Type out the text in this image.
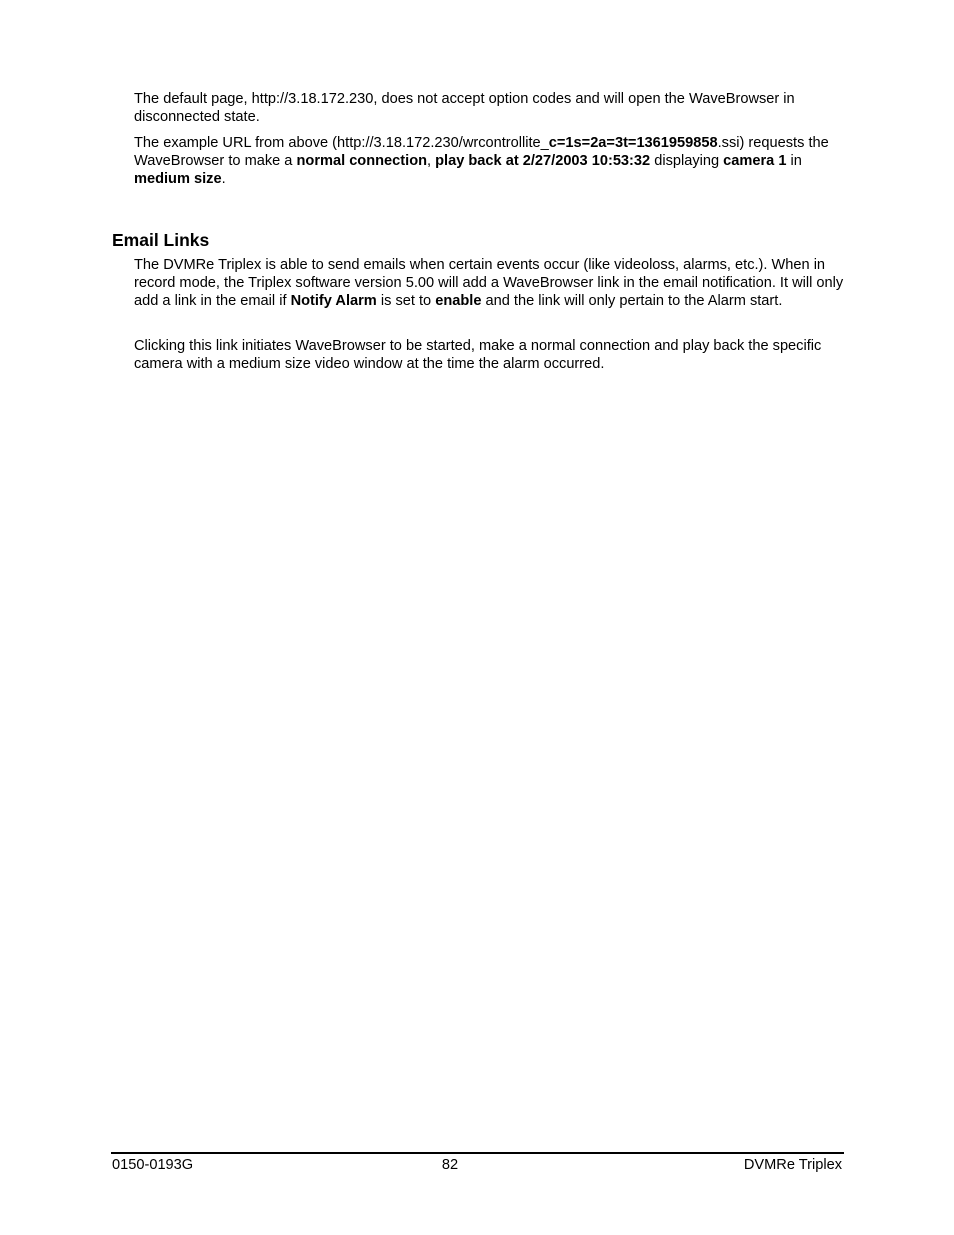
The default page, http://3.18.172.230, does not accept option codes and will open the WaveBrowser in disconnected state.

The example URL from above (http://3.18.172.230/wrcontrollite_c=1s=2a=3t=1361959858.ssi) requests the WaveBrowser to make a normal connection, play back at 2/27/2003 10:53:32 displaying camera 1 in medium size.

Email Links

The DVMRe Triplex is able to send emails when certain events occur (like videoloss, alarms, etc.). When in record mode, the Triplex software version 5.00 will add a WaveBrowser link in the email notification. It will only add a link in the email if Notify Alarm is set to enable and the link will only pertain to the Alarm start.

Clicking this link initiates WaveBrowser to be started, make a normal connection and play back the specific camera with a medium size video window at the time the alarm occurred.

0150-0193G	82	DVMRe Triplex
